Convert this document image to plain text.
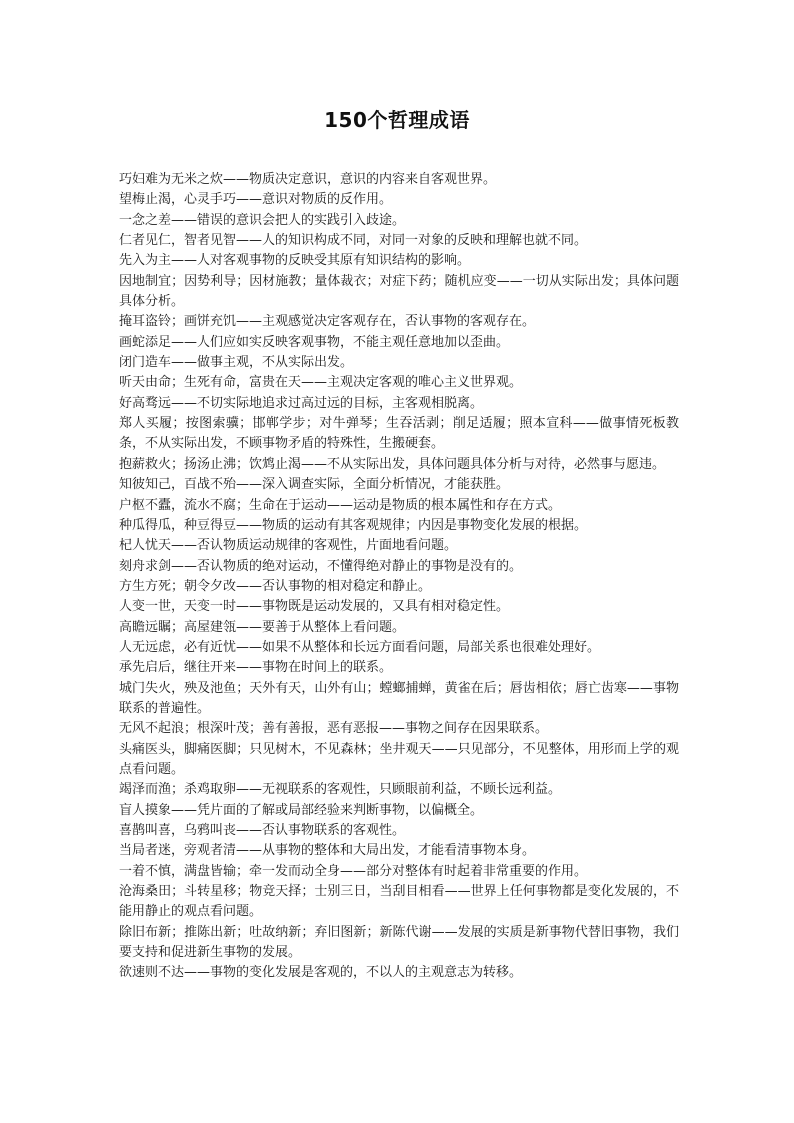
150个哲理成语

巧妇难为无米之炊——物质决定意识，意识的内容来自客观世界。

望梅止渴，心灵手巧——意识对物质的反作用。

一念之差——错误的意识会把人的实践引入歧途。

仁者见仁，智者见智——人的知识构成不同，对同一对象的反映和理解也就不同。

先入为主——人对客观事物的反映受其原有知识结构的影响。

因地制宜；因势利导；因材施教；量体裁衣；对症下药；随机应变——一切从实际出发；具体问题具体分析。

掩耳盗铃；画饼充饥——主观感觉决定客观存在，否认事物的客观存在。

画蛇添足——人们应如实反映客观事物，不能主观任意地加以歪曲。

闭门造车——做事主观，不从实际出发。

听天由命；生死有命，富贵在天——主观决定客观的唯心主义世界观。

好高骛远——不切实际地追求过高过远的目标，主客观相脱离。

郑人买履；按图索骥；邯郸学步；对牛弹琴；生吞活剥；削足适履；照本宣科——做事情死板教条，不从实际出发，不顾事物矛盾的特殊性，生搬硬套。

抱薪救火；扬汤止沸；饮鸩止渴——不从实际出发，具体问题具体分析与对待，必然事与愿违。

知彼知己，百战不殆——深入调查实际，全面分析情况，才能获胜。

户枢不蠹，流水不腐；生命在于运动——运动是物质的根本属性和存在方式。

种瓜得瓜，种豆得豆——物质的运动有其客观规律；内因是事物变化发展的根据。

杞人忧天——否认物质运动规律的客观性，片面地看问题。

刻舟求剑——否认物质的绝对运动，不懂得绝对静止的事物是没有的。

方生方死；朝令夕改——否认事物的相对稳定和静止。

人变一世，天变一时——事物既是运动发展的，又具有相对稳定性。

高瞻远瞩；高屋建瓴——要善于从整体上看问题。

人无远虑，必有近忧——如果不从整体和长远方面看问题，局部关系也很难处理好。

承先启后，继往开来——事物在时间上的联系。

城门失火，殃及池鱼；天外有天，山外有山；螳螂捕蝉，黄雀在后；唇齿相依；唇亡齿寒——事物联系的普遍性。

无风不起浪；根深叶茂；善有善报，恶有恶报——事物之间存在因果联系。

头痛医头，脚痛医脚；只见树木，不见森林；坐井观天——只见部分，不见整体，用形而上学的观点看问题。

竭泽而渔；杀鸡取卵——无视联系的客观性，只顾眼前利益，不顾长远利益。

盲人摸象——凭片面的了解或局部经验来判断事物，以偏概全。

喜鹊叫喜，乌鸦叫丧——否认事物联系的客观性。

当局者迷，旁观者清——从事物的整体和大局出发，才能看清事物本身。

一着不慎，满盘皆输；牵一发而动全身——部分对整体有时起着非常重要的作用。

沧海桑田；斗转星移；物竞天择；士别三日，当刮目相看——世界上任何事物都是变化发展的，不能用静止的观点看问题。

除旧布新；推陈出新；吐故纳新；弃旧图新；新陈代谢——发展的实质是新事物代替旧事物，我们要支持和促进新生事物的发展。

欲速则不达——事物的变化发展是客观的，不以人的主观意志为转移。
